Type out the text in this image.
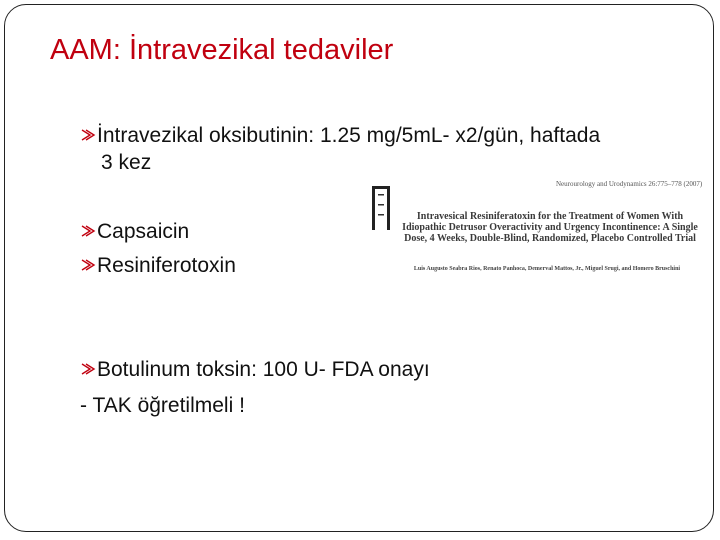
AAM: İntravezikal tedaviler
İntravezikal oksibutinin: 1.25 mg/5mL- x2/gün, haftada
3 kez
Capsaicin
Resiniferotoxin
Botulinum toksin: 100 U- FDA onayı
- TAK öğretilmeli !
Neurourology and Urodynamics 26:775–778 (2007)
Intravesical Resiniferatoxin for the Treatment of Women With Idiopathic Detrusor Overactivity and Urgency Incontinence: A Single Dose, 4 Weeks, Double-Blind, Randomized, Placebo Controlled Trial
Luis Augusto Seabra Rios, Renato Panhoca, Demerval Mattos, Jr., Miguel Srugi, and Homero Bruschini
